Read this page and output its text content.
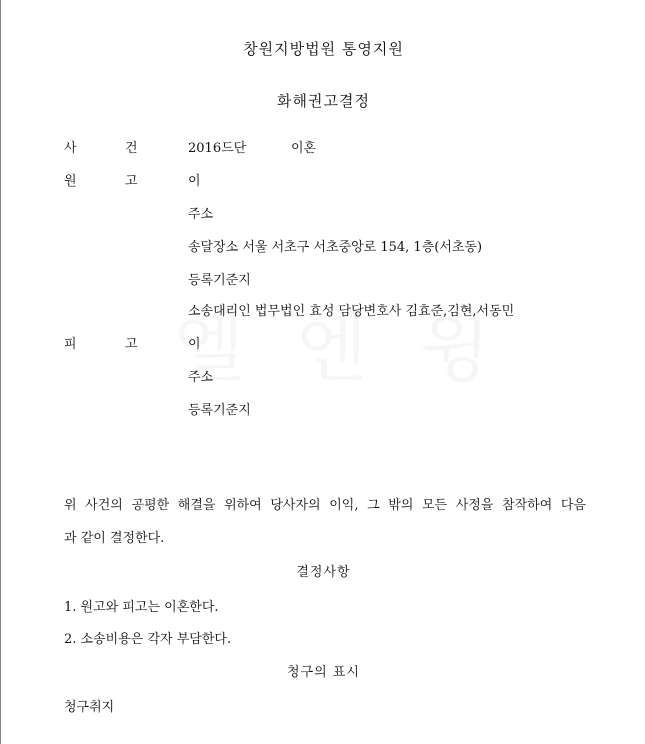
창원지방법원 통영지원
화해권고결정
사	건	2016드단	이혼
원	고	이
주소
송달장소 서울 서초구 서초중앙로 154, 1층(서초동)
등록기준지
소송대리인 법무법인 효성 담당변호사 김효준,김현,서동민
피	고	이
주소
등록기준지
위 사건의 공평한 해결을 위하여 당사자의 이익, 그 밖의 모든 사정을 참작하여 다음
과 같이 결정한다.
결정사항
1. 원고와 피고는 이혼한다.
2. 소송비용은 각자 부담한다.
청구의 표시
청구취지
